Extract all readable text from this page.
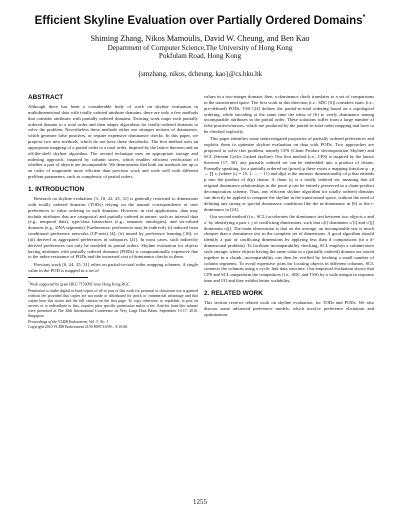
Efficient Skyline Evaluation over Partially Ordered Domains*
Shiming Zhang, Nikos Mamoulis, David W. Cheung, and Ben Kao
Department of Computer Science,The University of Hong Kong
Pokfulam Road, Hong Kong
{smzhang, nikos, dcheung, kao}@cs.hku.hk
ABSTRACT

Although there has been a considerable body of work on skyline evaluation in multidimensional data with totally ordered attribute domains, there are only a few methods that consider attributes with partially ordered domains. Existing work maps each partially ordered domain to a total order and then adapts algorithms for totally-ordered domains to solve the problem. Nevertheless these methods either use stronger notions of dominance, which generate false positives, or require expensive dominance checks. In this paper, we propose two new methods, which do not have these drawbacks. The first method uses an appropriate mapping of a partial order to a total order, inspired by the lattice theorem and an off-the-shelf skyline algorithm. The second technique uses an appropriate storage and indexing approach, inspired by column stores, which enables efficient verification of whether a pair of objects are incomparable. We demonstrate that both our methods are up to an order of magnitude more efficient than previous work and scale well with different problem parameters, such as complexity of partial orders.

1. INTRODUCTION

Research on skyline evaluation [3, 18, 22, 25, 31] is generally restricted to dimensions with totally ordered domains (TODs) relying on the natural correspondence of user preferences to value ordering in such domains. However, in real applications, data may include attributes that are categorical and partially ordered in nature, such as interval data (e.g., temporal data), type/class hierarchies (e.g., semantic ontologies), and set-valued domains (e.g., DNA segments). Furthermore, preferences may be indirectly (i) induced from conditional preference networks (CP-nets) [4]; (ii) mined by preference learning [16]; or (iii) derived as aggregated preferences in subspaces [21]. In most cases, such indirectly derived preferences can only be modeled as partial orders. Skyline evaluation for objects having attributes with partially ordered domains (PODs) is computationally expensive due to the index-resistance of PODs and the increased cost of dominance checks in them.

Previous work [6, 24, 25, 31] relies on partial-to-total order mapping schemes. A single value in the POD is mapped to a set of

*Work supported by grant HKU 715309E from Hong Kong RGC.

Permission to make digital or hard copies of all or part of this work for personal or classroom use is granted without fee provided that copies are not made or distributed for profit or commercial advantage and that copies bear this notice and the full citation on the first page. To copy otherwise, to republish, to post on servers or to redistribute to lists, requires prior specific permission and/or a fee. Articles from this volume were presented at The 36th International Conference on Very Large Data Bases, September 13-17, 2010, Singapore.

Proceedings of the VLDB Endowment, Vol. 3, No. 1

Copyright 2010 VLDB Endowment 2150-8097/10/09... $ 10.00.

values in a two-integer domain; then, a dominance check translates to a set of comparisons in the transformed space. The first work in this direction (i.e., SDC [6]) considers static (i.e., pre-defined) PODs. TSS [24] defines the partial-to-total ordering based on a topological ordering, while encoding at the same time the ideas of [6] to verify dominance among incomparable attributes in the partial order. These solutions suffer from a large number of false positives/misses, which are produced by the partial-to-total order mapping and have to be checked explicitly.

This paper identifies some uninvestigated properties of partially ordered preferences and exploits them to optimize skyline evaluation on data with PODs. Two approaches are proposed to solve this problem, namely CPS (Chain Product decomposition Skyline) and SCL (Stream Cyclic Linked skyline). Our first method (i.e., CPS) is inspired by the lattice theorem [17, 30]: any partially ordered set can be embedded into a product of chains. Formally speaking, for a partially ordered set (poset) φ there exists a mapping function φ : p → ∏ cᵢ (where |cᵢ| = {0, 1, ..., − 1}) and d(p) is the intrinsic dimensionality of p that embeds p into the product of d(p) chains. A chain |cᵢ| is a totally ordered set, meaning that all original dominance relationships in the poset p can be entirely preserved in a chain-product decomposition scheme. Thus, any efficient skyline algorithm for totally ordered domains can directly be applied to compute the skyline in the transformed space, without the need of defining any strong or special dominance conditions like the m-dominance in [6] or the t-dominance in [24].

Our second method (i.e., SCL) accelerates the dominance test between two objects o and o′ by identifying a pair t, j of conflicting dimensions, such that o[i] dominates o′[i] and o′[j] dominates o[j]. The main observation is that on the average, an incomparable test is much cheaper than a dominance test in the complete set of dimensions. A good algorithm should identify a pair of conflicting dimensions by applying less than d comparisons (in a d-dimensional problem). To facilitate incomparability checking, SCL employs a column-store style storage, where objects having the same value in a (partially ordered) domain are stored together in a chunk; incomparability can then be verified by fetching a small number of column segments. To avoid expensive joins for locating objects in different columns, SCL connects the columns using a cyclic link data structure. Our empirical evaluation shows that CPS and SCL outperform the competitors (i.e., SDC and TSS) by a wide margin in response time and I/O and they exhibit better scalability.

2. RELATED WORK

This section reviews related work on skyline evaluation, for TODs and PODs. We also discuss some advanced preference models, which involve preference elicitation and optimization.

1255
